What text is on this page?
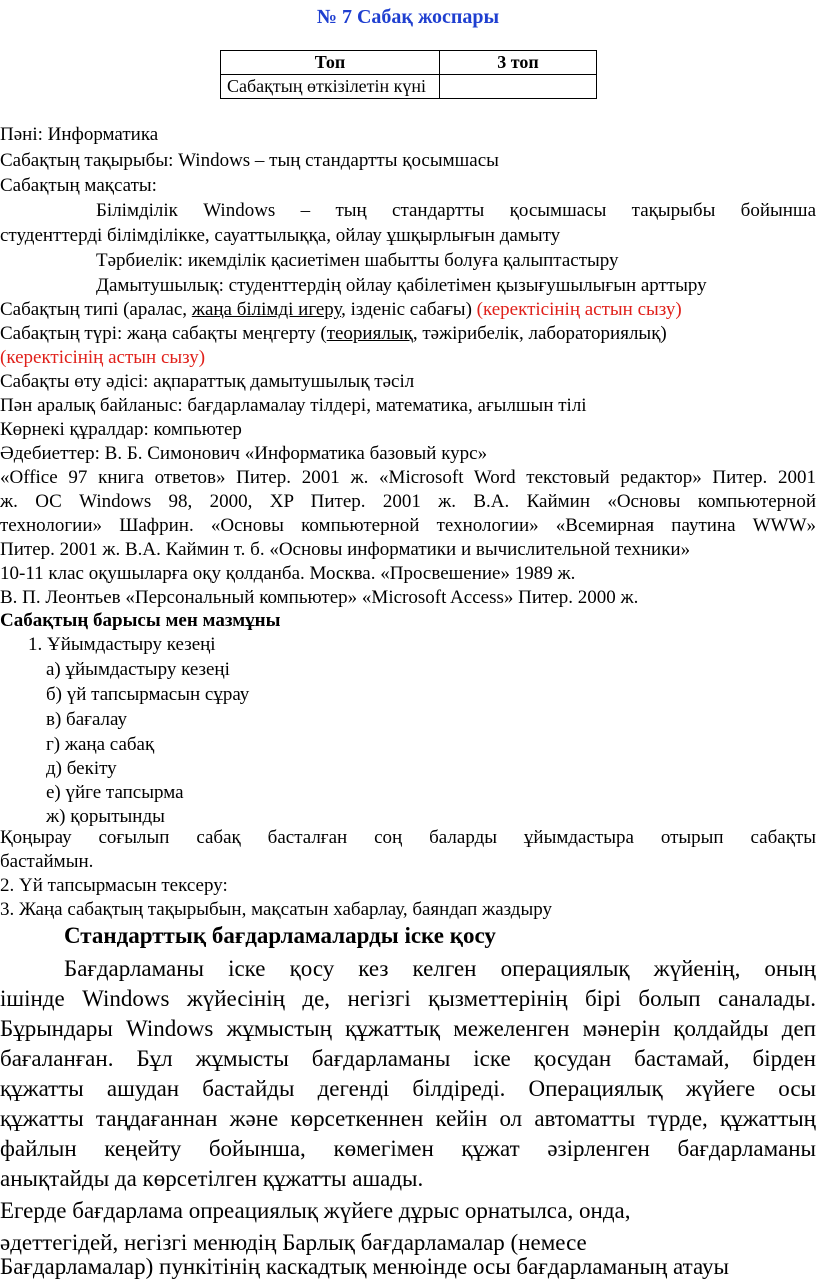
№ 7 Сабақ жоспары
Топ	3 топ
Сабақтың өткізілетін күні	
Пәні: Информатика
Сабақтың тақырыбы: Windows – тың стандартты қосымшасы
Сабақтың мақсаты:
Білімділік Windows – тың стандартты қосымшасы тақырыбы бойынша
студенттерді білімділікке, сауаттылыққа, ойлау ұшқырлығын дамыту
Тәрбиелік: икемділік қасиетімен шабытты болуға қалыптастыру
Дамытушылық: студенттердің ойлау қабілетімен қызығушылығын арттыру
Сабақтың типі (аралас, жаңа білімді игеру, ізденіс сабағы) (керектісінің астын сызу)
Сабақтың түрі: жаңа сабақты меңгерту (теориялық, тәжірибелік, лабораториялық)
(керектісінің астын сызу)
Сабақты өту әдісі: ақпараттық дамытушылық тәсіл
Пән аралық байланыс: бағдарламалау тілдері, математика, ағылшын тілі
Көрнекі құралдар: компьютер
Әдебиеттер: В. Б. Симонович «Информатика базовый курс»
«Office 97 книга ответов» Питер. 2001 ж. «Microsoft Word текстовый редактор» Питер. 2001
ж. ОС Windows 98, 2000, XP Питер. 2001 ж. В.А. Каймин «Основы компьютерной
технологии» Шафрин. «Основы компьютерной технологии» «Всемирная паутина WWW»
Питер. 2001 ж. В.А. Каймин т. б. «Основы информатики и вычислительной техники»
10-11 клас оқушыларға оқу қолданба. Москва. «Просвешение» 1989 ж.
В. П. Леонтьев «Персональный компьютер» «Microsoft Access» Питер. 2000 ж.
Сабақтың барысы мен мазмұны
1. Ұйымдастыру кезеңі
а) ұйымдастыру кезеңі
б) үй тапсырмасын сұрау
в) бағалау
г) жаңа сабақ
д) бекіту
е) үйге тапсырма
ж) қорытынды
Қоңырау соғылып сабақ басталған соң баларды ұйымдастыра отырып сабақты
бастаймын.
2. Үй тапсырмасын тексеру:
3. Жаңа сабақтың тақырыбын, мақсатын хабарлау, баяндап жаздыру
Стандарттық бағдарламаларды іске қосу
Бағдарламаны іске қосу кез келген операциялық жүйенің, оның
ішінде Windows жүйесінің де, негізгі қызметтерінің бірі болып саналады.
Бұрындары Windows жұмыстың құжаттық межеленген мәнерін қолдайды деп
бағаланған. Бұл жұмысты бағдарламаны іске қосудан бастамай, бірден
құжатты ашудан бастайды дегенді білдіреді. Операциялық жүйеге осы
құжатты таңдағаннан және көрсеткеннен кейін ол автоматты түрде, құжаттың
файлын кеңейту бойынша, көмегімен құжат әзірленген бағдарламаны
анықтайды да көрсетілген құжатты ашады.
Егерде бағдарлама опреациялық жүйеге дұрыс орнатылса, онда,
әдеттегідей, негізгі менюдің Барлық бағдарламалар (немесе
Бағдарламалар) пункітінің каскадтық менюінде осы бағдарламаның атауы
